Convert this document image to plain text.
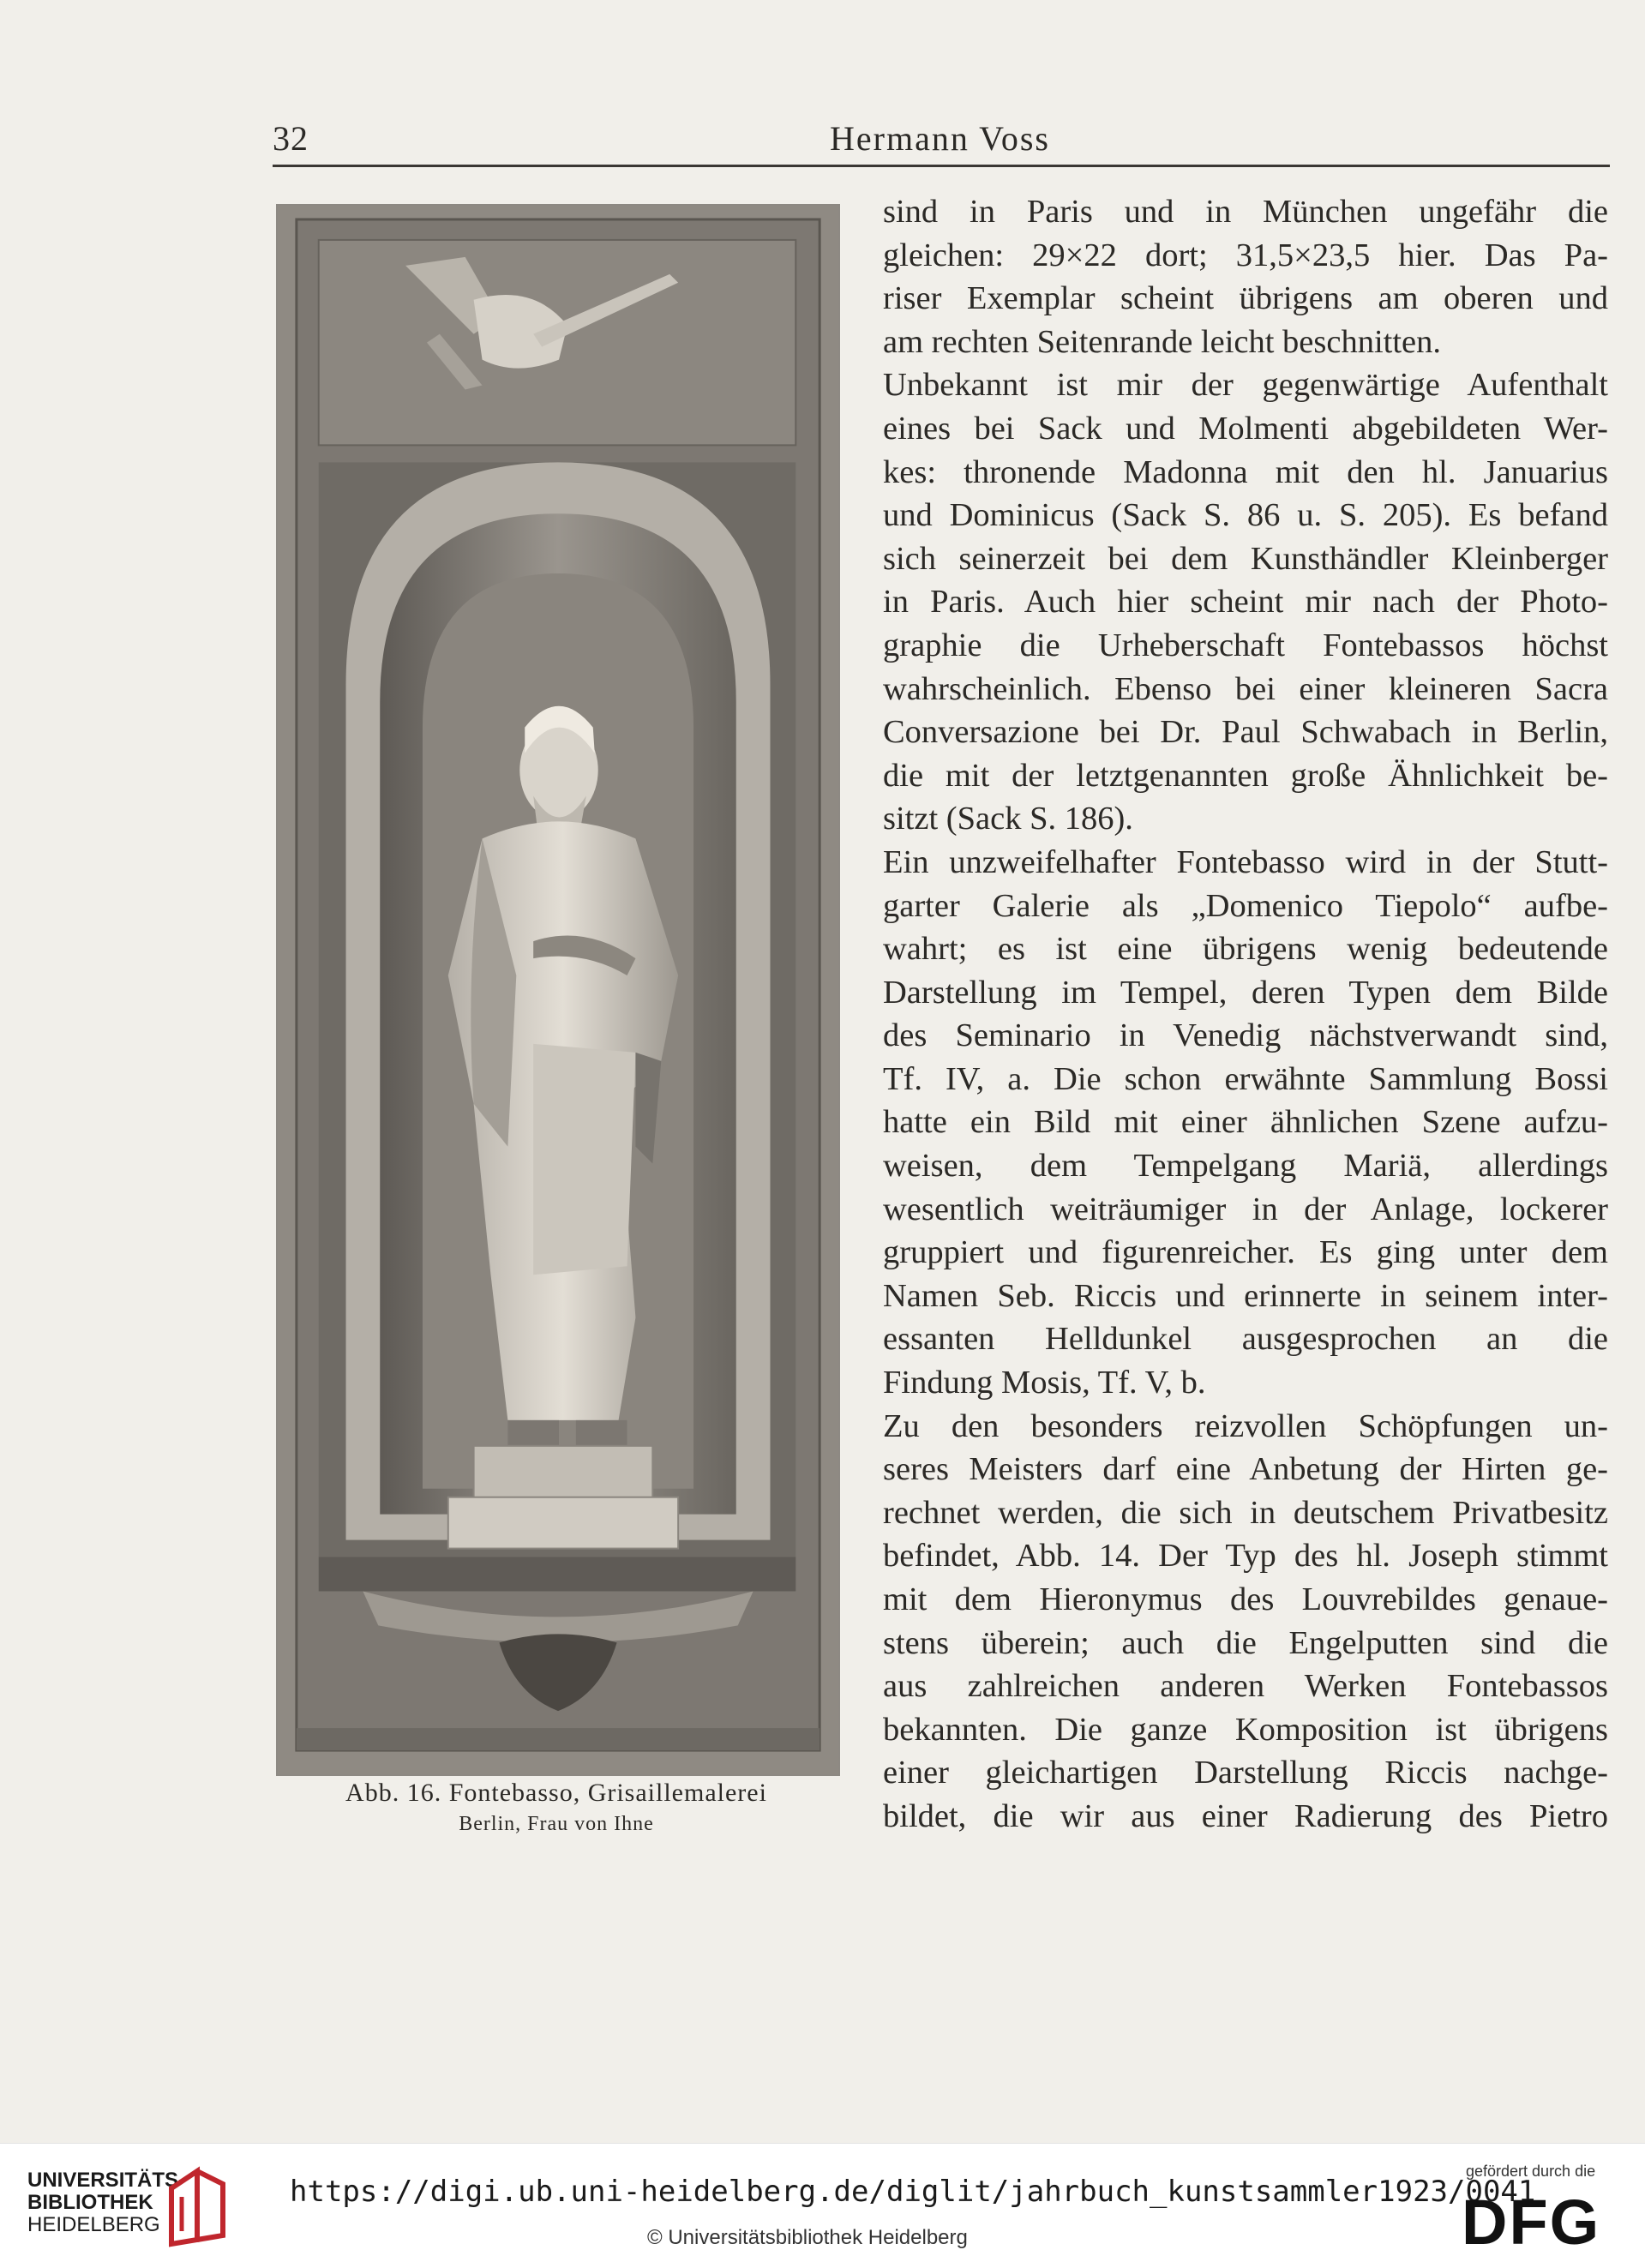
32	Hermann Voss
Abb. 16. Fontebasso, Grisaillemalerei
Berlin, Frau von Ihne

sind in Paris und in München ungefähr die
gleichen: 29×22 dort; 31,5×23,5 hier. Das Pa-
riser Exemplar scheint übrigens am oberen und
am rechten Seitenrande leicht beschnitten.

Unbekannt ist mir der gegenwärtige Aufenthalt
eines bei Sack und Molmenti abgebildeten Wer-
kes: thronende Madonna mit den hl. Januarius
und Dominicus (Sack S. 86 u. S. 205). Es befand
sich seinerzeit bei dem Kunsthändler Kleinberger
in Paris. Auch hier scheint mir nach der Photo-
graphie die Urheberschaft Fontebassos höchst
wahrscheinlich. Ebenso bei einer kleineren Sacra
Conversazione bei Dr. Paul Schwabach in Berlin,
die mit der letztgenannten große Ähnlichkeit be-
sitzt (Sack S. 186).

Ein unzweifelhafter Fontebasso wird in der Stutt-
garter Galerie als „Domenico Tiepolo“ aufbe-
wahrt; es ist eine übrigens wenig bedeutende
Darstellung im Tempel, deren Typen dem Bilde
des Seminario in Venedig nächstverwandt sind,
Tf. IV, a. Die schon erwähnte Sammlung Bossi
hatte ein Bild mit einer ähnlichen Szene aufzu-
weisen, dem Tempelgang Mariä, allerdings
wesentlich weiträumiger in der Anlage, lockerer
gruppiert und figurenreicher. Es ging unter dem
Namen Seb. Riccis und erinnerte in seinem inter-
essanten Helldunkel ausgesprochen an die
Findung Mosis, Tf. V, b.

Zu den besonders reizvollen Schöpfungen un-
seres Meisters darf eine Anbetung der Hirten ge-
rechnet werden, die sich in deutschem Privatbesitz
befindet, Abb. 14. Der Typ des hl. Joseph stimmt
mit dem Hieronymus des Louvrebildes genaue-
stens überein; auch die Engelputten sind die
aus zahlreichen anderen Werken Fontebassos
bekannten. Die ganze Komposition ist übrigens
einer gleichartigen Darstellung Riccis nachge-
bildet, die wir aus einer Radierung des Pietro

UNIVERSITÄTS-
BIBLIOTHEK
HEIDELBERG
https://digi.ub.uni-heidelberg.de/diglit/jahrbuch_kunstsammler1923/0041
© Universitätsbibliothek Heidelberg
gefördert durch die
DFG
